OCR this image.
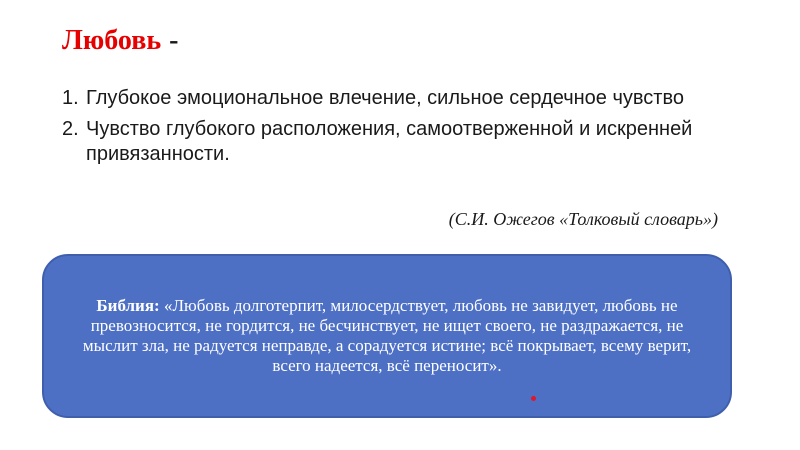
Любовь -
1. Глубокое эмоциональное влечение, сильное сердечное чувство
2. Чувство глубокого расположения, самоотверженной и искренней привязанности.
(С.И. Ожегов «Толковый словарь»)

Библия: «Любовь долготерпит, милосердствует, любовь не завидует, любовь не превозносится, не гордится, не бесчинствует, не ищет своего, не раздражается, не мыслит зла, не радуется неправде, а сорадуется истине; всё покрывает, всему верит, всего надеется, всё переносит».
